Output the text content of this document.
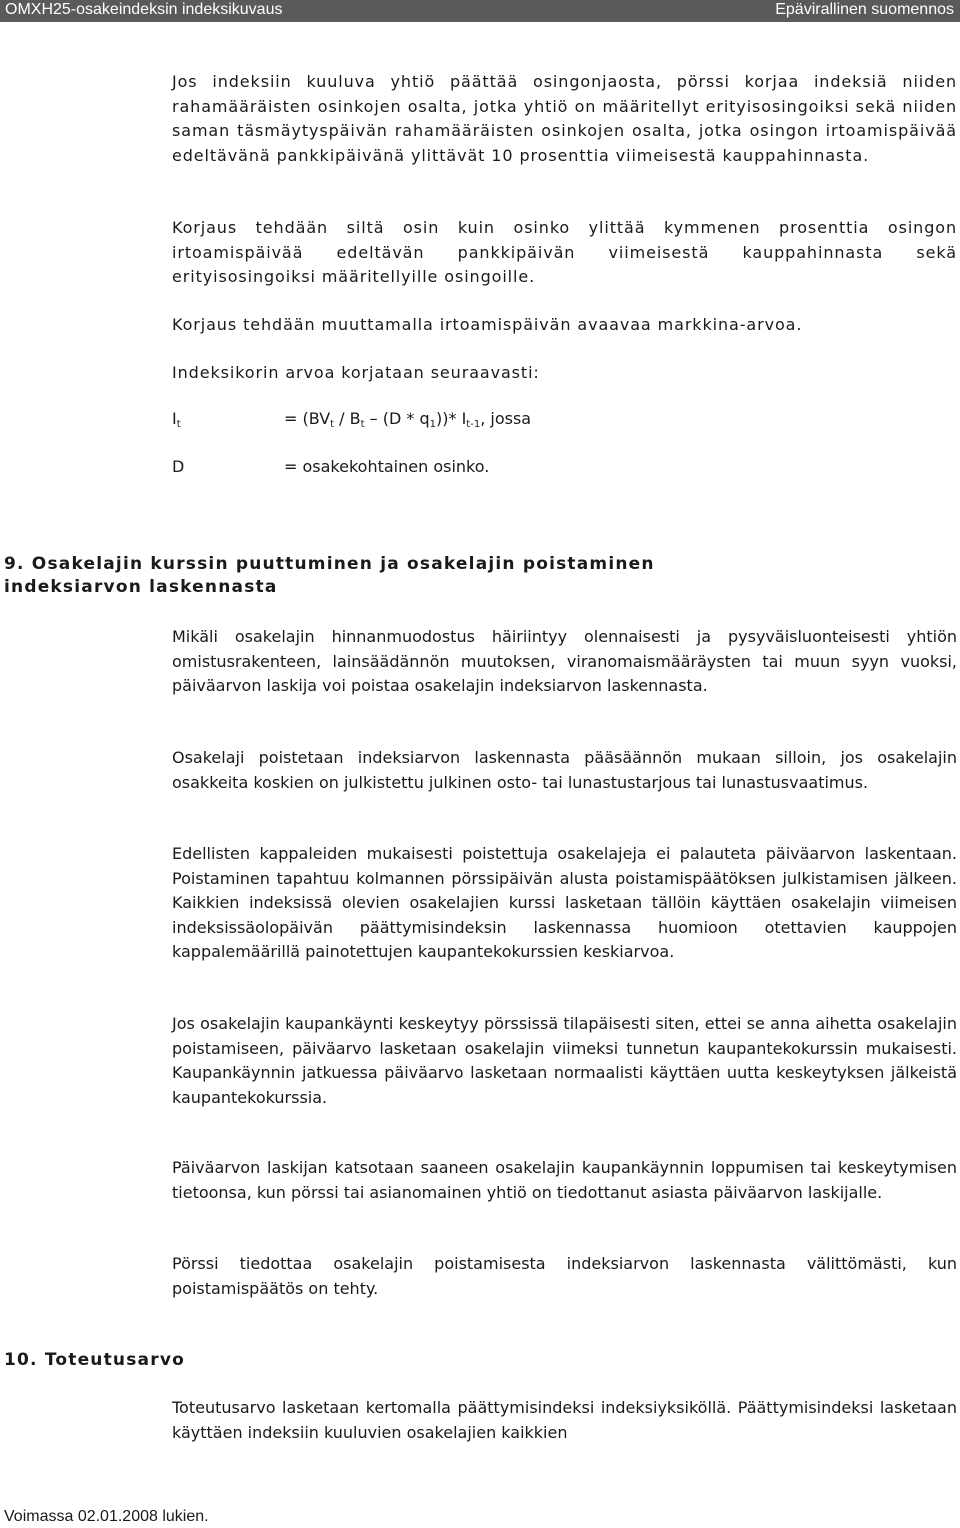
OMXH25-osakeindeksin indeksikuvaus	Epävirallinen suomennos

Jos indeksiin kuuluva yhtiö päättää osingonjaosta, pörssi korjaa indeksiä niiden rahamääräisten osinkojen osalta, jotka yhtiö on määritellyt erityisosingoiksi sekä niiden saman täsmäytyspäivän rahamääräisten osinkojen osalta, jotka osingon irtoamispäivää edeltävänä pankkipäivänä ylittävät 10 prosenttia viimeisestä kauppahinnasta.

Korjaus tehdään siltä osin kuin osinko ylittää kymmenen prosenttia osingon irtoamispäivää edeltävän pankkipäivän viimeisestä kauppahinnasta sekä erityisosingoiksi määritellyille osingoille.

Korjaus tehdään muuttamalla irtoamispäivän avaavaa markkina-arvoa.

Indeksikorin arvoa korjataan seuraavasti:

$I_t$	= $(BV_t / B_t - (D * q_1))*$ $I_{t-1}$, jossa
D	= osakekohtainen osinko.
9. Osakelajin kurssin puuttuminen ja osakelajin poistaminen
indeksiarvon laskennasta

Mikäli osakelajin hinnanmuodostus häiriintyy olennaisesti ja pysyväisluonteisesti yhtiön omistusrakenteen, lainsäädännön muutoksen, viranomaismääräysten tai muun syyn vuoksi, päiväarvon laskija voi poistaa osakelajin indeksiarvon laskennasta.

Osakelaji poistetaan indeksiarvon laskennasta pääsäännön mukaan silloin, jos osakelajin osakkeita koskien on julkistettu julkinen osto- tai lunastustarjous tai lunastusvaatimus.

Edellisten kappaleiden mukaisesti poistettuja osakelajeja ei palauteta päiväarvon laskentaan. Poistaminen tapahtuu kolmannen pörssipäivän alusta poistamispäätöksen julkistamisen jälkeen. Kaikkien indeksissä olevien osakelajien kurssi lasketaan tällöin käyttäen osakelajin viimeisen indeksissäolopäivän päättymisindeksin laskennassa huomioon otettavien kauppojen kappalemäärillä painotettujen kaupantekokurssien keskiarvoa.

Jos osakelajin kaupankäynti keskeytyy pörssissä tilapäisesti siten, ettei se anna aihetta osakelajin poistamiseen, päiväarvo lasketaan osakelajin viimeksi tunnetun kaupantekokurssin mukaisesti. Kaupankäynnin jatkuessa päiväarvo lasketaan normaalisti käyttäen uutta keskeytyksen jälkeistä kaupantekokurssia.

Päiväarvon laskijan katsotaan saaneen osakelajin kaupankäynnin loppumisen tai keskeytymisen tietoonsa, kun pörssi tai asianomainen yhtiö on tiedottanut asiasta päiväarvon laskijalle.

Pörssi tiedottaa osakelajin poistamisesta indeksiarvon laskennasta välittömästi, kun poistamispäätös on tehty.

10. Toteutusarvo

Toteutusarvo lasketaan kertomalla päättymisindeksi indeksiyksiköllä. Päättymisindeksi lasketaan käyttäen indeksiin kuuluvien osakelajien kaikkien

Voimassa 02.01.2008 lukien.
